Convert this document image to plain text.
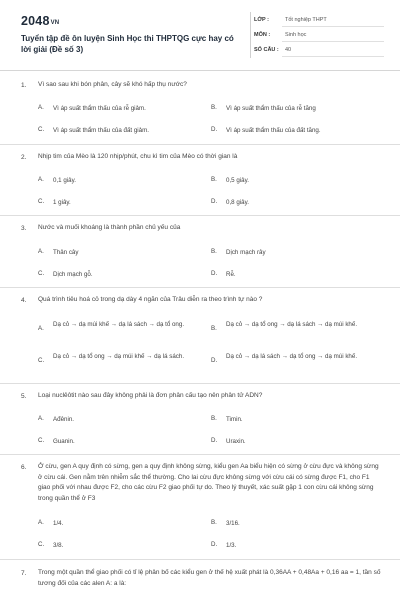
2048VN
Tuyển tập đề ôn luyện Sinh Học thi THPTQG cực hay có lời giải (Đề số 3)
LỚP :	Tốt nghiệp THPT
MÔN :	Sinh học
SỐ CÂU : 40
1. Vì sao sau khi bón phân, cây sẽ khó hấp thụ nước?
A. Vì áp suất thẩm thấu của rễ giảm.	B. Vì áp suất thẩm thấu của rễ tăng
C. Vì áp suất thẩm thấu của đất giảm.	D. Vì áp suất thẩm thấu của đất tăng.
2. Nhịp tim của Mèo là 120 nhịp/phút, chu kì tim của Mèo có thời gian là
A. 0,1 giây.	B. 0,5 giây.
C. 1 giây.	D. 0,8 giây.
3. Nước và muối khoáng là thành phần chủ yếu của
A. Thân cây	B. Dịch mạch rây
C. Dịch mạch gỗ.	D. Rễ.
4. Quá trình tiêu hoá cỏ trong dạ dày 4 ngăn của Trâu diễn ra theo trình tự nào ?
A.
Dạ cỏ → dạ múi khế → dạ lá sách → dạ tổ ong.
B.
Dạ cỏ → dạ tổ ong → dạ lá sách → dạ múi khế.
C.
Dạ cỏ → dạ tổ ong → dạ múi khế → dạ lá sách.
D.
Dạ cỏ → dạ lá sách → dạ tổ ong → dạ múi khế.
5. Loại nuclêôtit nào sau đây không phải là đơn phân cấu tạo nên phân tử ADN?
A. Ađênin.	B. Timin.
C. Guanin.	D. Uraxin.
6. Ở cừu, gen A quy định có sừng, gen a quy định không sừng, kiểu gen Aa biểu hiện có sừng ở cừu đực và không sừng ở cừu cái. Gen nằm trên nhiễm sắc thể thường. Cho lai cừu đực không sừng với cừu cái có sừng được F1, cho F1 giao phối với nhau được F2, cho các cừu F2 giao phối tự do. Theo lý thuyết, xác suất gặp 1 con cừu cái không sừng trong quần thể ở F3
A. 1/4.	B. 3/16.
C. 3/8.	D. 1/3.
7. Trong một quần thể giao phối có tỉ lệ phân bố các kiểu gen ở thế hệ xuất phát là 0,36AA + 0,48Aa + 0,16 aa = 1, tần số tương đối của các alen A: a là:
